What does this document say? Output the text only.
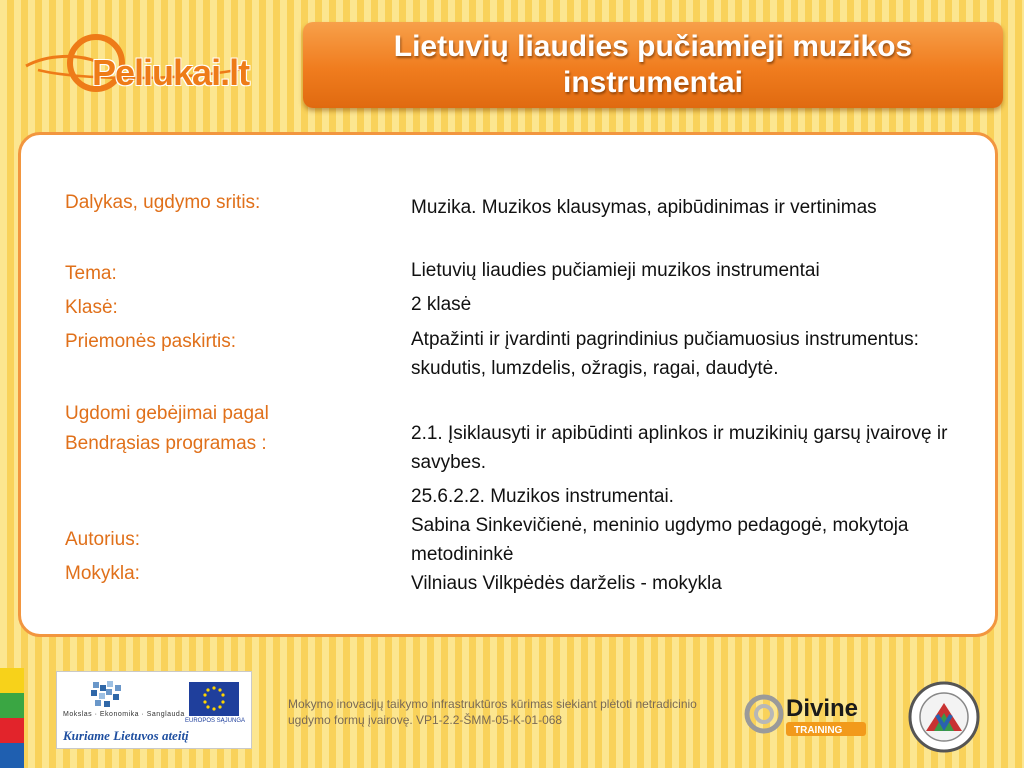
Peliukai.lt
Lietuvių liaudies pučiamieji muzikos instrumentai
Dalykas, ugdymo sritis:	Muzika. Muzikos klausymas, apibūdinimas ir vertinimas
Tema:	Lietuvių liaudies pučiamieji muzikos instrumentai
Klasė:	2 klasė
Priemonės paskirtis:	Atpažinti ir įvardinti pagrindinius pučiamuosius instrumentus: skudutis, lumzdelis, ožragis, ragai, daudytė.
Ugdomi gebėjimai pagal Bendrąsias programas :	2.1. Įsiklausyti ir apibūdinti aplinkos ir muzikinių garsų įvairovę ir savybes.
25.6.2.2. Muzikos instrumentai.
Autorius:
Sabina Sinkevičienė, meninio ugdymo pedagogė, mokytoja metodininkė
Mokykla:	Vilniaus Vilkpėdės darželis - mokykla
Mokslas · Ekonomika · Sanglauda
EUROPOS SĄJUNGA
Kuriame Lietuvos ateitį
Mokymo inovacijų taikymo infrastruktūros kūrimas siekiant plėtoti netradicinio ugdymo formų įvairovę. VP1-2.2-ŠMM-05-K-01-068	Divine
TRAINING
